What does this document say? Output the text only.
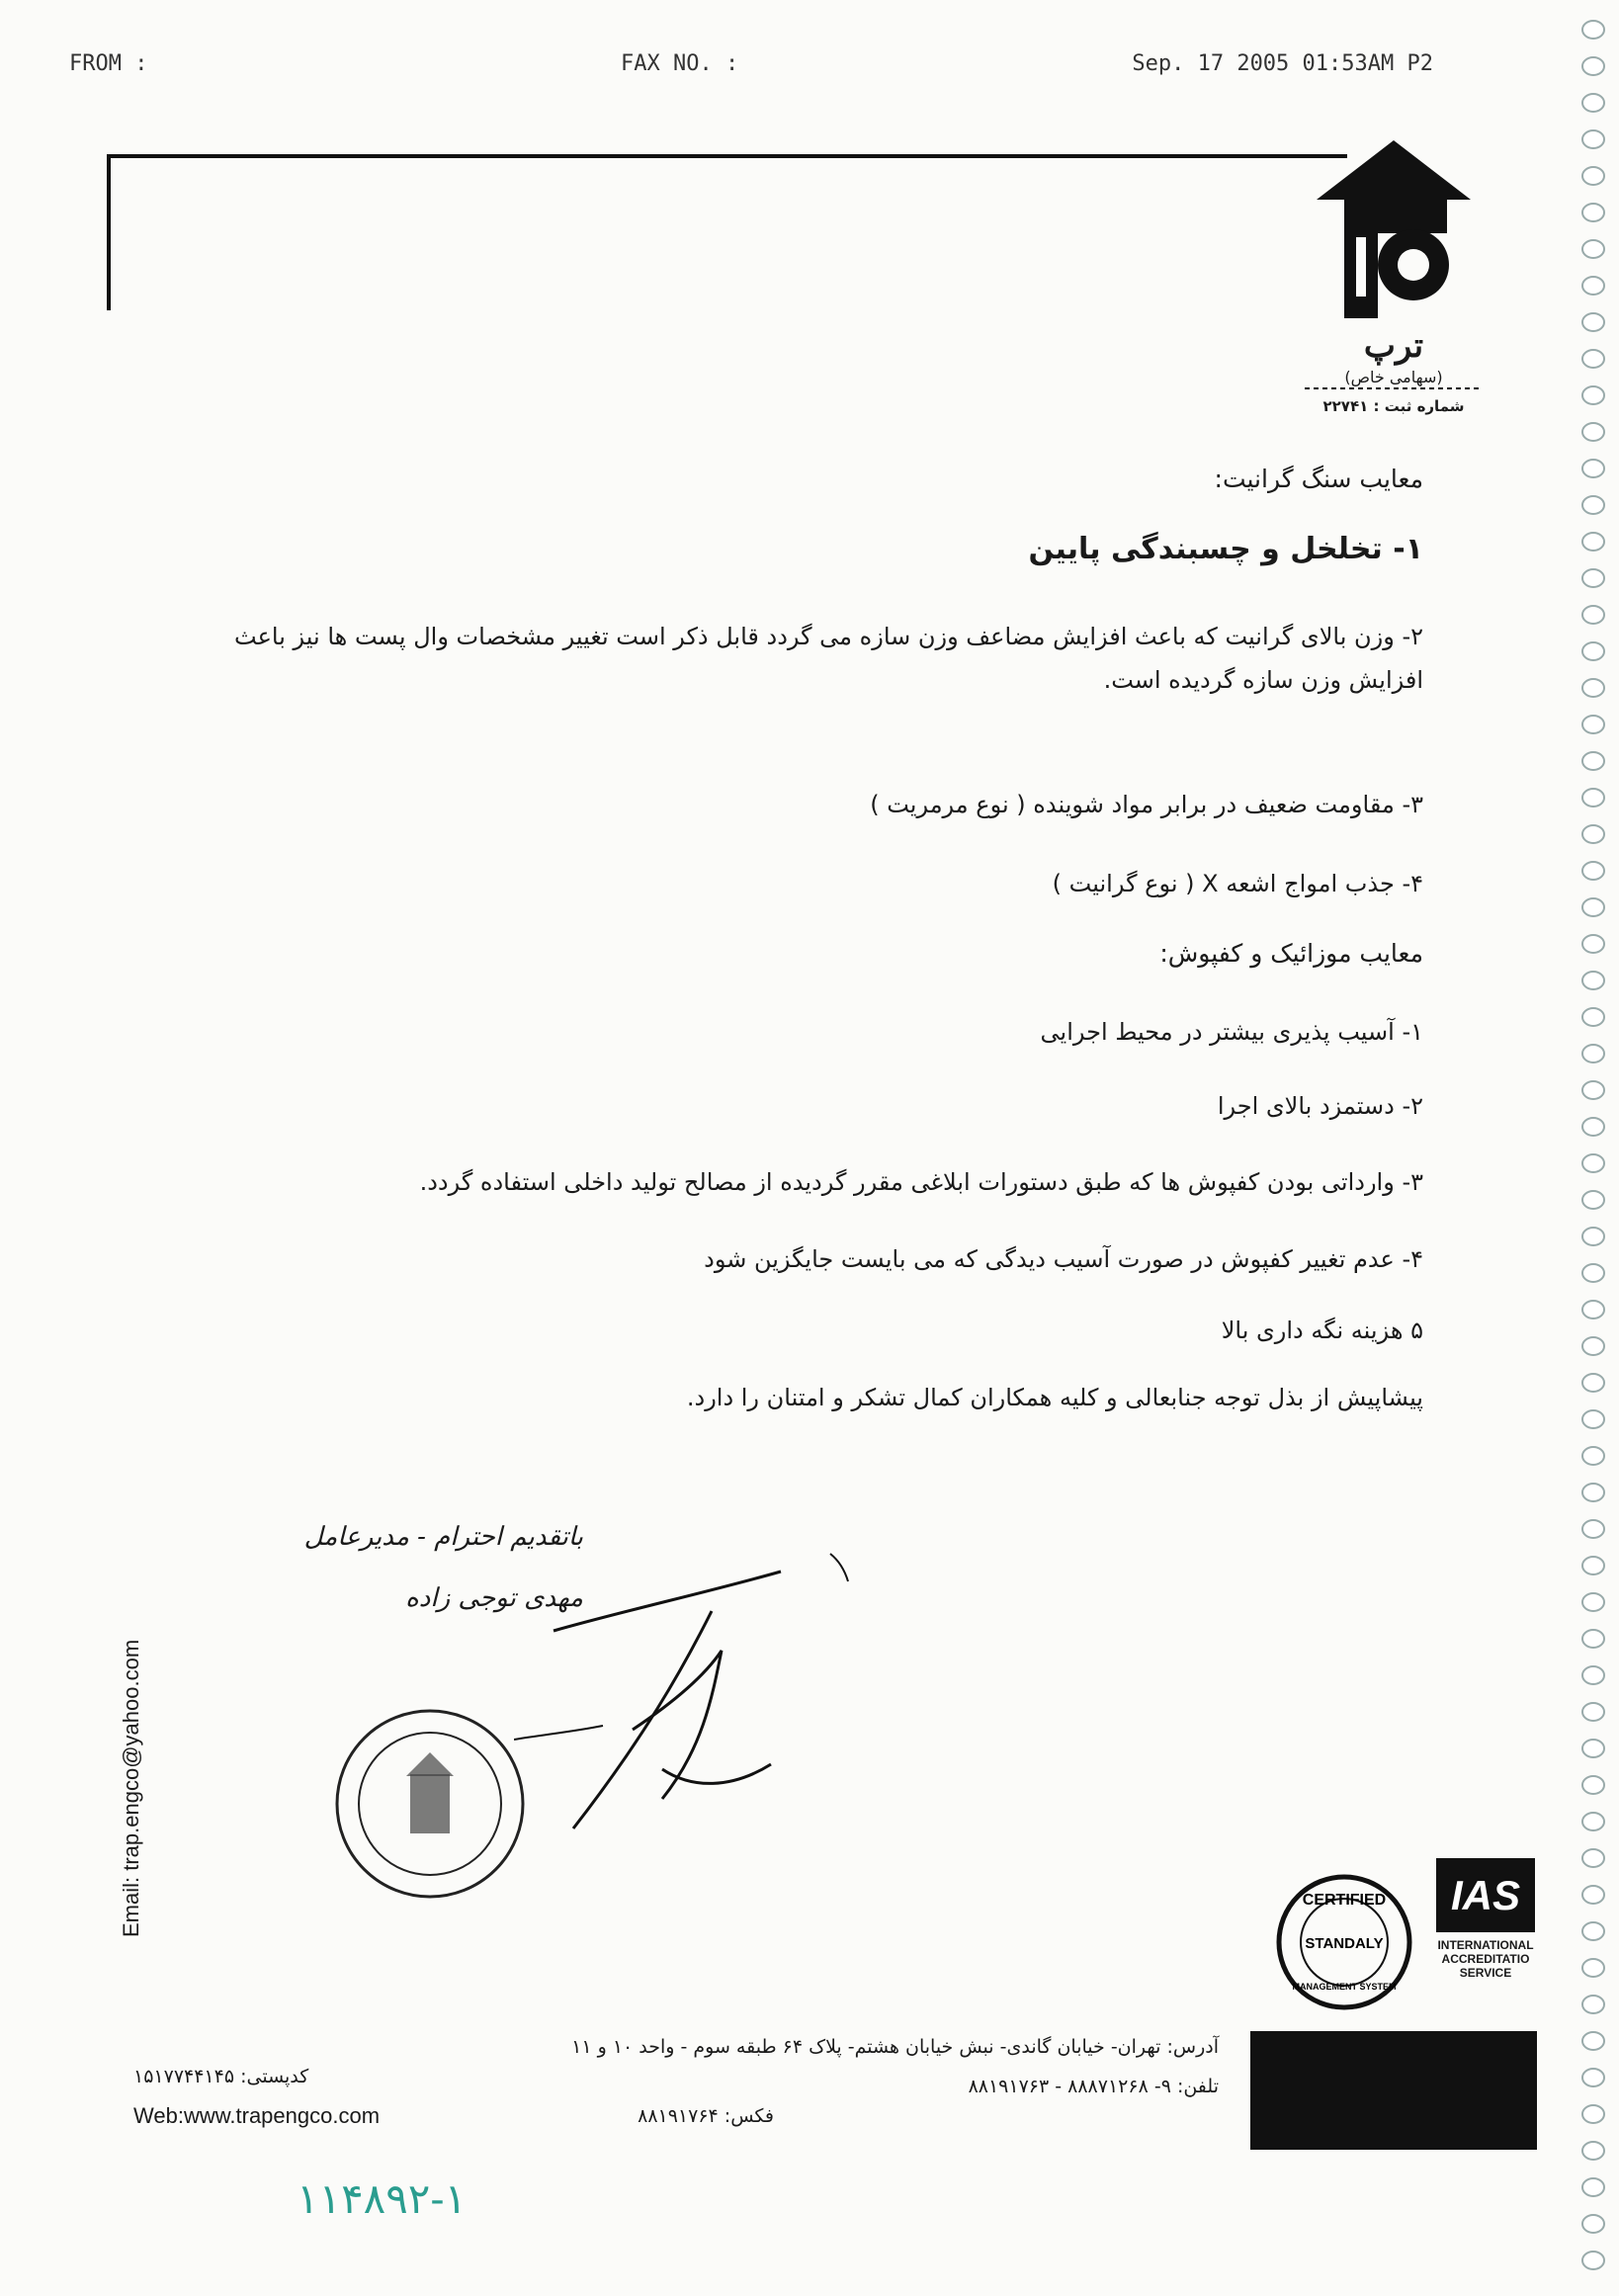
FROM :	FAX NO. :	Sep. 17 2005 01:53AM P2
ترپ
(سهامی خاص)
شماره ثبت : ۲۲۷۴۱
معایب سنگ گرانیت:
۱- تخلخل و چسبندگی پایین
۲- وزن بالای گرانیت که باعث افزایش مضاعف وزن سازه می گردد قابل ذکر است تغییر مشخصات وال پست ها نیز باعث افزایش وزن سازه گردیده است.
۳- مقاومت ضعیف در برابر مواد شوینده ( نوع مرمریت )
۴- جذب امواج اشعه X ( نوع گرانیت )
معایب موزائیک و کفپوش:
۱- آسیب پذیری بیشتر در محیط اجرایی
۲- دستمزد بالای اجرا
۳- وارداتی بودن کفپوش ها که طبق دستورات ابلاغی مقرر گردیده از مصالح تولید داخلی استفاده گردد.
۴- عدم تغییر کفپوش در صورت آسیب دیدگی که می بایست جایگزین شود
۵ هزینه نگه داری بالا
پیشاپیش از بذل توجه جنابعالی و کلیه همکاران کمال تشکر و امتنان را دارد.
باتقدیم احترام - مدیرعامل
مهدی توجی زاده
Email: trap.engco@yahoo.com	CERTIFIED
STANDALY
MANAGEMENT SYSTEM
IAS
INTERNATIONAL ACCREDITATIO SERVICE
آدرس: تهران- خیابان گاندی- نبش خیابان هشتم- پلاک ۶۴ طبقه سوم - واحد ۱۰ و ۱۱
تلفن: ۹- ۸۸۸۷۱۲۶۸ - ۸۸۱۹۱۷۶۳
فکس: ۸۸۱۹۱۷۶۴
کدپستی: ۱۵۱۷۷۴۴۱۴۵
Web:www.trapengco.com
۱۱۴۸۹۲-۱
